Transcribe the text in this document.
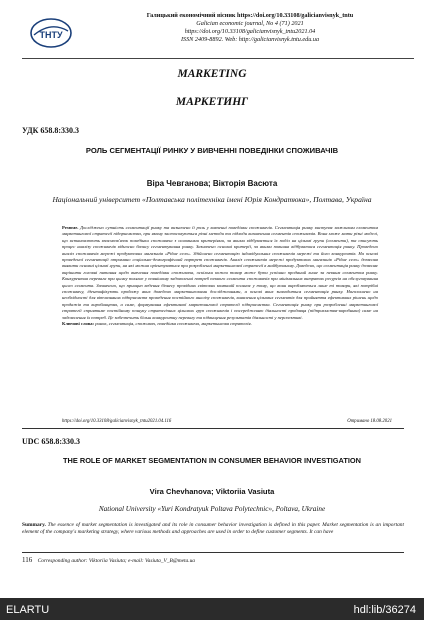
ТНТУ
Галицький економічний вісник https://doi.org/10.33108/galicianvisnyk_tntu
Galician economic journal, No 4 (71) 2021
https://doi.org/10.33108/galicianvisnyk_tntu2021.04
ISSN 2409-8892. Web: http://galicianvisnyk.tntu.edu.ua
MARKETING
МАРКЕТИНГ
УДК 658.8:330.3
РОЛЬ СЕГМЕНТАЦІЇ РИНКУ У ВИВЧЕННІ ПОВЕДІНКИ СПОЖИВАЧІВ
Віра Чевганова; Вікторія Васюта
Національний університет «Полтавська політехніка імені Юрія Кондратюка», Полтава, Україна
Резюме. Досліджено сутність сегментації ринку та визначено її роль у вивченні поведінки споживачів. Сегментація ринку виступає важливим елементом маркетингової стратегії підприємства, при якому застосовуються різні методи та підходи визначення сегментів споживачів. Вона може мати різні моделі, що встановлюють взаємозв'язок поведінки споживача з основними критеріями, за якими відбувається їх поділ на цільові групи (сегменти), та описують процес аналізу споживачів відносно базису сегментування ринку. Зазначено основні критерії, за якими повинна відбуватися сегментація ринку. Проведено аналіз споживачів мережі продуктових магазинів «Рідне село». Здійснено сегментацію індивідуальних споживачів мережі та його конкурентів. На основі проведеної сегментації отримано соціально-демографічний портрет споживачів. Аналіз споживачів мережі продуктових магазинів «Рідне село» дозволив виявити основні цільові групи, на які можна орієнтуватися при розробленні маркетингової стратегії в майбутньому. Доведено, що сегментація ринку дозволяє вирішити головні питання щодо вивчення поведінки споживача, оскільки кожен товар може бути успішно проданий лише за певним сегментом ринку. Конкурентна перевага при цьому полягає у повнішому задоволенні потреб певного сегмента споживачів при мінімальних витратах ресурсів на обслуговування цього сегмента. Зазначено, що принцип ведення бізнесу провідних світових компаній полягає у тому, що вони виробляються лише ті товари, які потрібні споживачу, ідентифікують продажу яких доведено маркетинговими дослідженнями, а основі яких знаходиться сегментація ринку. Наголошено на необхідності для вітчизняних підприємств проведення постійного аналізу споживачів, виявлення цільових сегментів для прийняття ефективних рішень щодо продажів та виробництва, а саме, формування ефективної маркетингової стратегії підприємства. Сегментація ринку при розробленні маркетингової стратегії сприятиме постійному пошуку стратегічних цільових груп споживачів і посередженню діяльності продавця (підприємства-виробника) саме на задоволення їх потреб. Це забезпечить більш конкурентну перевагу та підвищення результатів діяльності у перспективі.
Ключові слова: ринок, сегментація, споживач, поведінка споживача, маркетингова стратегія.
https://doi.org/10.33108/galicianvisnyk_tntu2021.04.116	Отримано 18.08.2021
UDC 658.8:330.3
THE ROLE OF MARKET SEGMENTATION IN CONSUMER BEHAVIOR INVESTIGATION
Vira Chevhanova; Viktoriia Vasiuta
National University «Yuri Kondratyuk Poltava Polytechnic», Poltava, Ukraine
Summary. The essence of market segmentation is investigated and its role in consumer behavior investigation is defined in this paper. Market segmentation is an important element of the company's marketing strategy, where various methods and approaches are used in order to define customer segments. It can have
116 Corresponding author: Viktoriia Vasiuta; e-mail: Vasiuta_V_B@meta.ua
ELARTU	hdl:lib/36274
